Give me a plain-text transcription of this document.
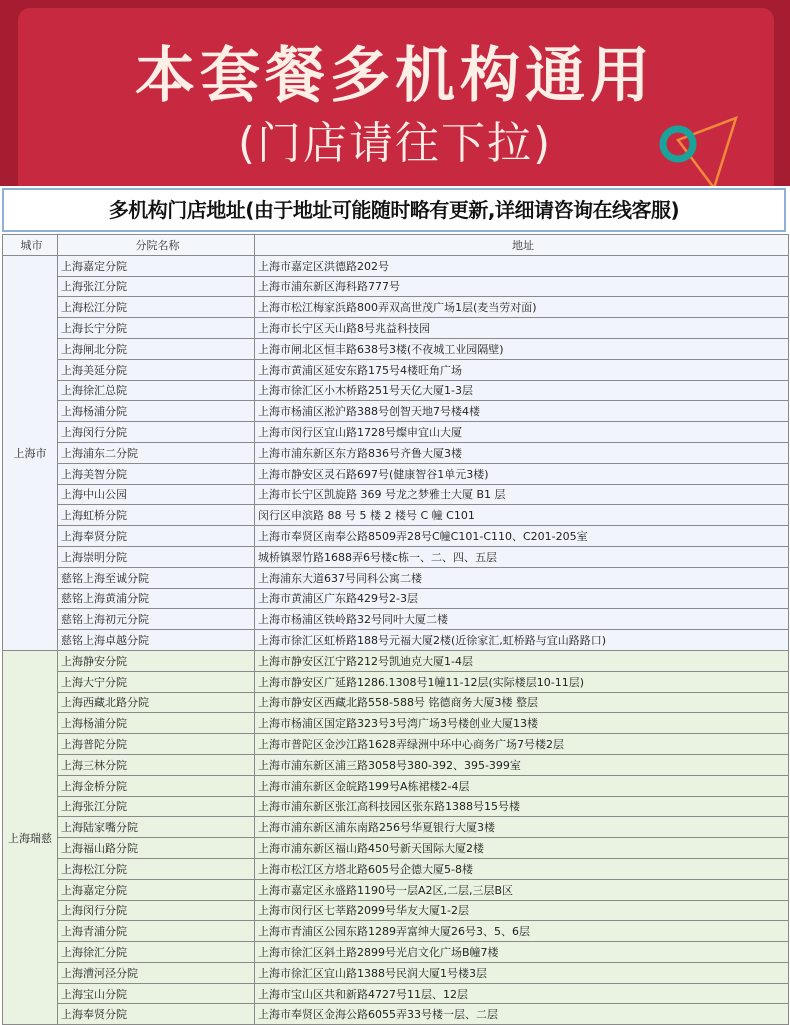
本套餐多机构通用
(门店请往下拉)
多机构门店地址(由于地址可能随时略有更新,详细请咨询在线客服)
城市	分院名称	地址
上海市	上海嘉定分院	上海市嘉定区洪德路202号
	上海张江分院	上海市浦东新区海科路777号
	上海松江分院	上海市松江梅家浜路800弄双高世茂广场1层(麦当劳对面)
	上海长宁分院	上海市长宁区天山路8号兆益科技园
	上海闸北分院	上海市闸北区恒丰路638号3楼(不夜城工业园隔壁)
	上海美延分院	上海市黄浦区延安东路175号4楼旺角广场
	上海徐汇总院	上海市徐汇区小木桥路251号天亿大厦1-3层
	上海杨浦分院	上海市杨浦区淞沪路388号创智天地7号楼4楼
	上海闵行分院	上海市闵行区宜山路1728号燦申宜山大厦
	上海浦东二分院	上海市浦东新区东方路836号齐鲁大厦3楼
	上海美智分院	上海市静安区灵石路697号(健康智谷1单元3楼)
	上海中山公园	上海市长宁区凯旋路 369 号龙之梦雅士大厦 B1 层
	上海虹桥分院	闵行区申滨路 88 号 5 楼 2 楼号 C 幢 C101
	上海奉贤分院	上海市奉贤区南奉公路8509弄28号C幢C101-C110、C201-205室
	上海崇明分院	城桥镇翠竹路1688弄6号楼c栋一、二、四、五层
	慈铭上海至诚分院	上海浦东大道637号同科公寓二楼
	慈铭上海黄浦分院	上海市黄浦区广东路429号2-3层
	慈铭上海初元分院	上海市杨浦区铁岭路32号同叶大厦二楼
	慈铭上海卓越分院	上海市徐汇区虹桥路188号元福大厦2楼(近徐家汇,虹桥路与宜山路路口)
上海瑞慈	上海静安分院	上海市静安区江宁路212号凯迪克大厦1-4层
	上海大宁分院	上海市静安区广延路1286.1308号1幢11-12层(实际楼层10-11层)
	上海西藏北路分院	上海市静安区西藏北路558-588号 铭德商务大厦3楼 整层
	上海杨浦分院	上海市杨浦区国定路323号3号湾广场3号楼创业大厦13楼
	上海普陀分院	上海市普陀区金沙江路1628弄绿洲中环中心商务广场7号楼2层
	上海三林分院	上海市浦东新区浦三路3058号380-392、395-399室
	上海金桥分院	上海市浦东新区金皖路199号A栋裙楼2-4层
	上海张江分院	上海市浦东新区张江高科技园区张东路1388号15号楼
	上海陆家嘴分院	上海市浦东新区浦东南路256号华夏银行大厦3楼
	上海福山路分院	上海市浦东新区福山路450号新天国际大厦2楼
	上海松江分院	上海市松江区方塔北路605号企德大厦5-8楼
	上海嘉定分院	上海市嘉定区永盛路1190号一层A2区,二层,三层B区
	上海闵行分院	上海市闵行区七莘路2099号华友大厦1-2层
	上海青浦分院	上海市青浦区公园东路1289弄富绅大厦26号3、5、6层
	上海徐汇分院	上海市徐汇区斜土路2899号光启文化广场B幢7楼
	上海漕河泾分院	上海市徐汇区宜山路1388号民润大厦1号楼3层
	上海宝山分院	上海市宝山区共和新路4727号11层、12层
	上海奉贤分院	上海市奉贤区金海公路6055弄33号楼一层、二层
